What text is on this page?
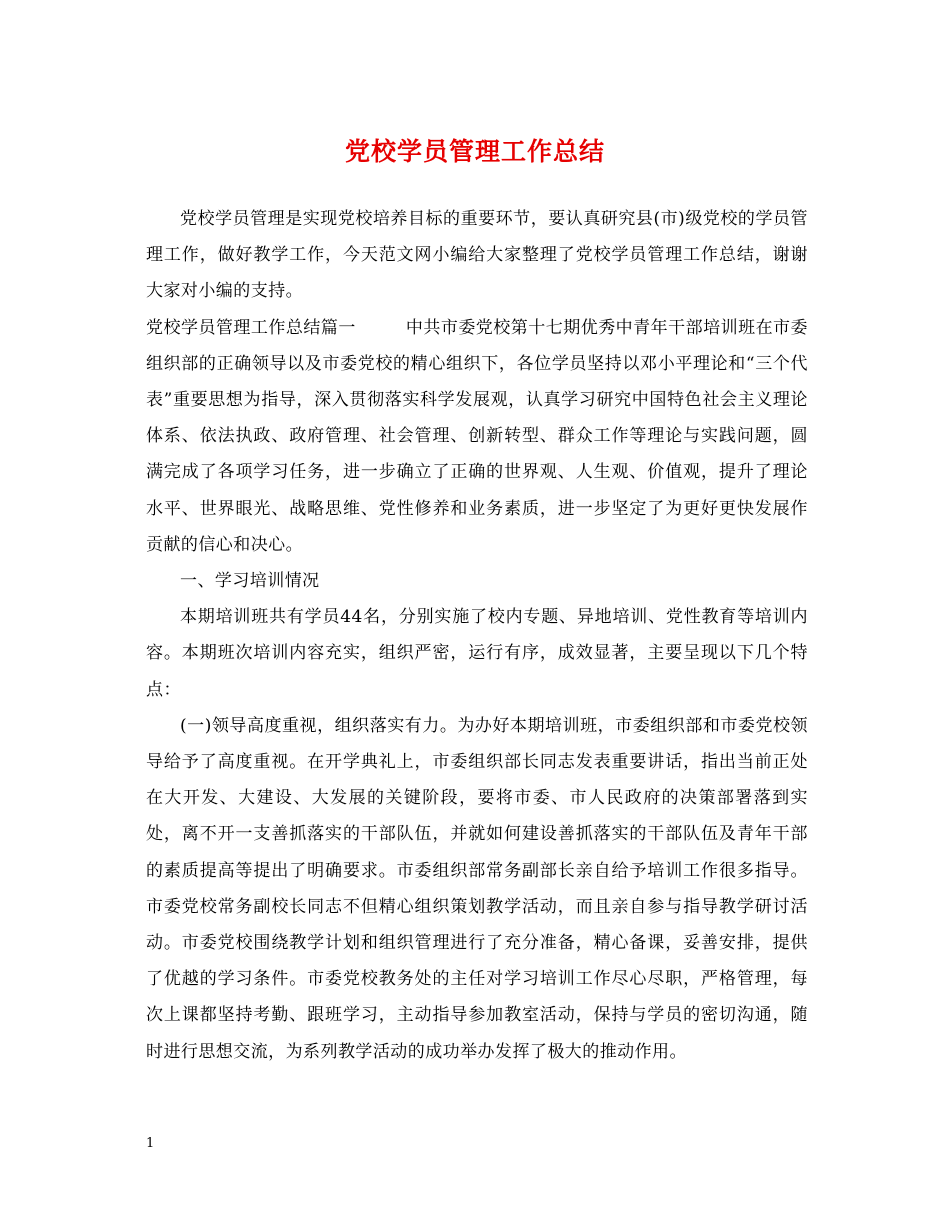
党校学员管理工作总结

党校学员管理是实现党校培养目标的重要环节，要认真研究县(市)级党校的学员管理工作，做好教学工作，今天范文网小编给大家整理了党校学员管理工作总结，谢谢大家对小编的支持。

党校学员管理工作总结篇一	中共市委党校第十七期优秀中青年干部培训班在市委组织部的正确领导以及市委党校的精心组织下，各位学员坚持以邓小平理论和“三个代表”重要思想为指导，深入贯彻落实科学发展观，认真学习研究中国特色社会主义理论体系、依法执政、政府管理、社会管理、创新转型、群众工作等理论与实践问题，圆满完成了各项学习任务，进一步确立了正确的世界观、人生观、价值观，提升了理论水平、世界眼光、战略思维、党性修养和业务素质，进一步坚定了为更好更快发展作贡献的信心和决心。

一、学习培训情况

本期培训班共有学员44名，分别实施了校内专题、异地培训、党性教育等培训内容。本期班次培训内容充实，组织严密，运行有序，成效显著，主要呈现以下几个特点：

(一)领导高度重视，组织落实有力。为办好本期培训班，市委组织部和市委党校领导给予了高度重视。在开学典礼上，市委组织部长同志发表重要讲话，指出当前正处在大开发、大建设、大发展的关键阶段，要将市委、市人民政府的决策部署落到实处，离不开一支善抓落实的干部队伍，并就如何建设善抓落实的干部队伍及青年干部的素质提高等提出了明确要求。市委组织部常务副部长亲自给予培训工作很多指导。市委党校常务副校长同志不但精心组织策划教学活动，而且亲自参与指导教学研讨活动。市委党校围绕教学计划和组织管理进行了充分准备，精心备课，妥善安排，提供了优越的学习条件。市委党校教务处的主任对学习培训工作尽心尽职，严格管理，每次上课都坚持考勤、跟班学习，主动指导参加教室活动，保持与学员的密切沟通，随时进行思想交流，为系列教学活动的成功举办发挥了极大的推动作用。

1
